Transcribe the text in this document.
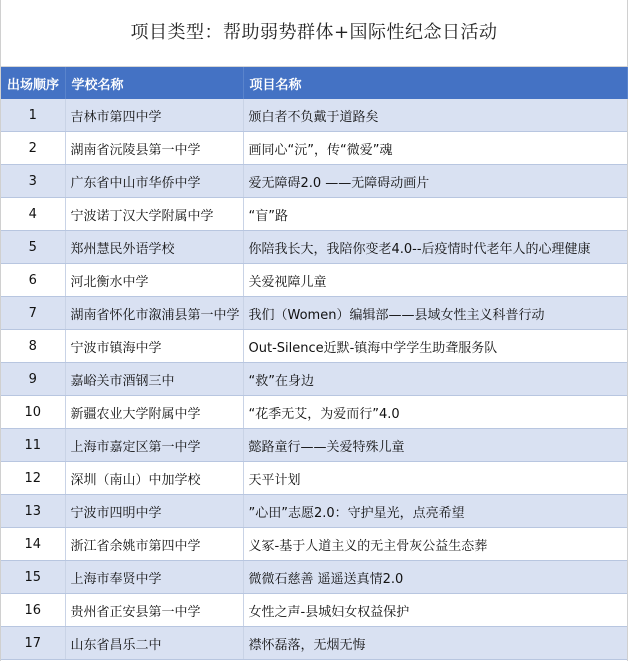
项目类型：帮助弱势群体+国际性纪念日活动
出场顺序	学校名称	项目名称
1	吉林市第四中学	颁白者不负戴于道路矣
2	湖南省沅陵县第一中学	画同心“沅”，传“微爱”魂
3	广东省中山市华侨中学	爱无障碍2.0 ——无障碍动画片
4	宁波诺丁汉大学附属中学	“盲”路
5	郑州慧民外语学校	你陪我长大，我陪你变老4.0--后疫情时代老年人的心理健康
6	河北衡水中学	关爱视障儿童
7	湖南省怀化市溆浦县第一中学	我们（Women）编辑部——县域女性主义科普行动
8	宁波市镇海中学	Out-Silence近默-镇海中学学生助聋服务队
9	嘉峪关市酒钢三中	“救”在身边
10	新疆农业大学附属中学	“花季无艾，为爱而行”4.0
11	上海市嘉定区第一中学	懿路童行——关爱特殊儿童
12	深圳（南山）中加学校	天平计划
13	宁波市四明中学	”心田”志愿2.0：守护星光，点亮希望
14	浙江省余姚市第四中学	义冢-基于人道主义的无主骨灰公益生态葬
15	上海市奉贤中学	微微石慈善 遥遥送真情2.0
16	贵州省正安县第一中学	女性之声-县城妇女权益保护
17	山东省昌乐二中	襟怀磊落，无烟无悔
